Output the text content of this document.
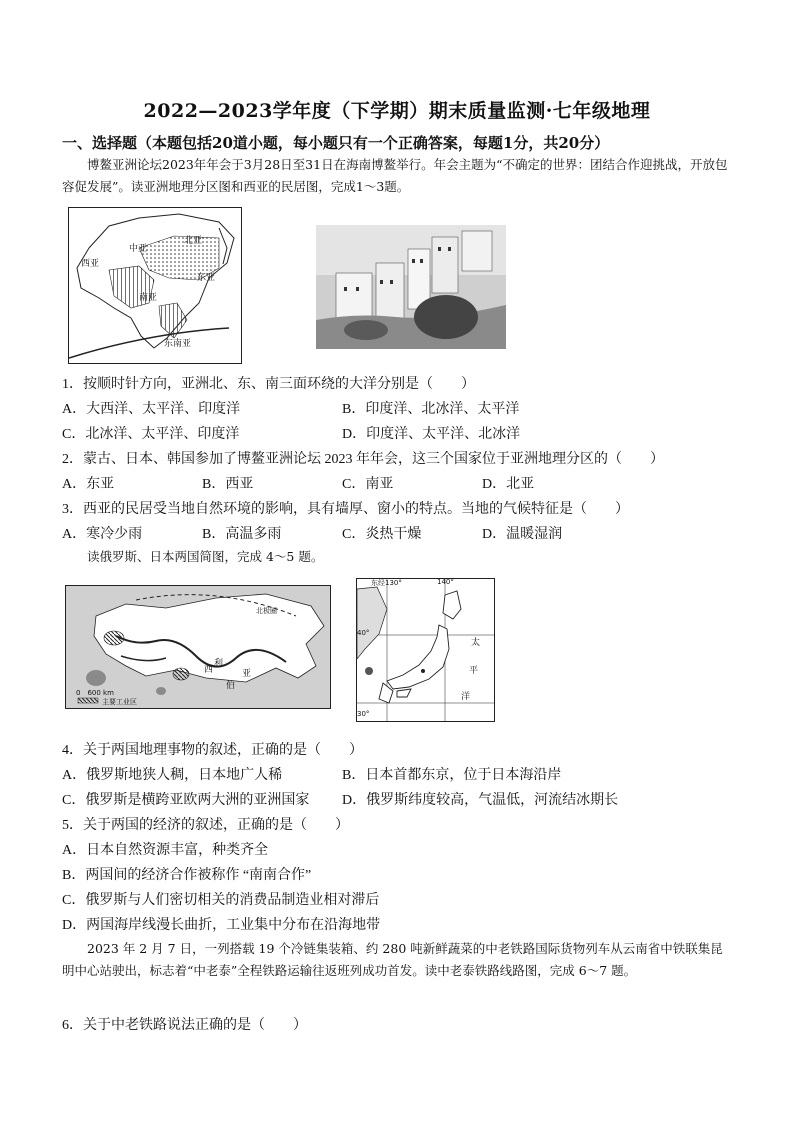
2022—2023学年度（下学期）期末质量监测·七年级地理
一、选择题（本题包括20道小题，每小题只有一个正确答案，每题1分，共20分）
博鳌亚洲论坛2023年年会于3月28日至31日在海南博鳌举行。年会主题为“不确定的世界：团结合作迎挑战，开放包容促发展”。读亚洲地理分区图和西亚的民居图，完成1～3题。
北亚
中亚
西亚
东亚
南亚
东南亚
1．按顺时针方向，亚洲北、东、南三面环绕的大洋分别是（　　）
A．大西洋、太平洋、印度洋	B．印度洋、北冰洋、太平洋
C．北冰洋、太平洋、印度洋	D．印度洋、太平洋、北冰洋
2．蒙古、日本、韩国参加了博鳌亚洲论坛 2023 年年会，这三个国家位于亚洲地理分区的（　　）
A．东亚	B．西亚	C．南亚	D．北亚
3．西亚的民居受当地自然环境的影响，具有墙厚、窗小的特点。当地的气候特征是（　　）
A．寒冷少雨	B．高温多雨	C．炎热干燥	D．温暖湿润
读俄罗斯、日本两国简图，完成 4～5 题。
北极圈
西
伯
利
亚
0　600 km
主要工业区
东经130°	140°
40°
30°
太
平
洋
4．关于两国地理事物的叙述，正确的是（　　）
A．俄罗斯地狭人稠，日本地广人稀	B．日本首都东京，位于日本海沿岸
C．俄罗斯是横跨亚欧两大洲的亚洲国家 D．俄罗斯纬度较高，气温低，河流结冰期长
5．关于两国的经济的叙述，正确的是（　　）
A．日本自然资源丰富，种类齐全
B．两国间的经济合作被称作 “南南合作”
C．俄罗斯与人们密切相关的消费品制造业相对滞后
D．两国海岸线漫长曲折，工业集中分布在沿海地带
2023 年 2 月 7 日，一列搭载 19 个冷链集装箱、约 280 吨新鲜蔬菜的中老铁路国际货物列车从云南省中铁联集昆明中心站驶出，标志着“中老泰”全程铁路运输往返班列成功首发。读中老泰铁路线路图，完成 6～7 题。
6．关于中老铁路说法正确的是（　　）
